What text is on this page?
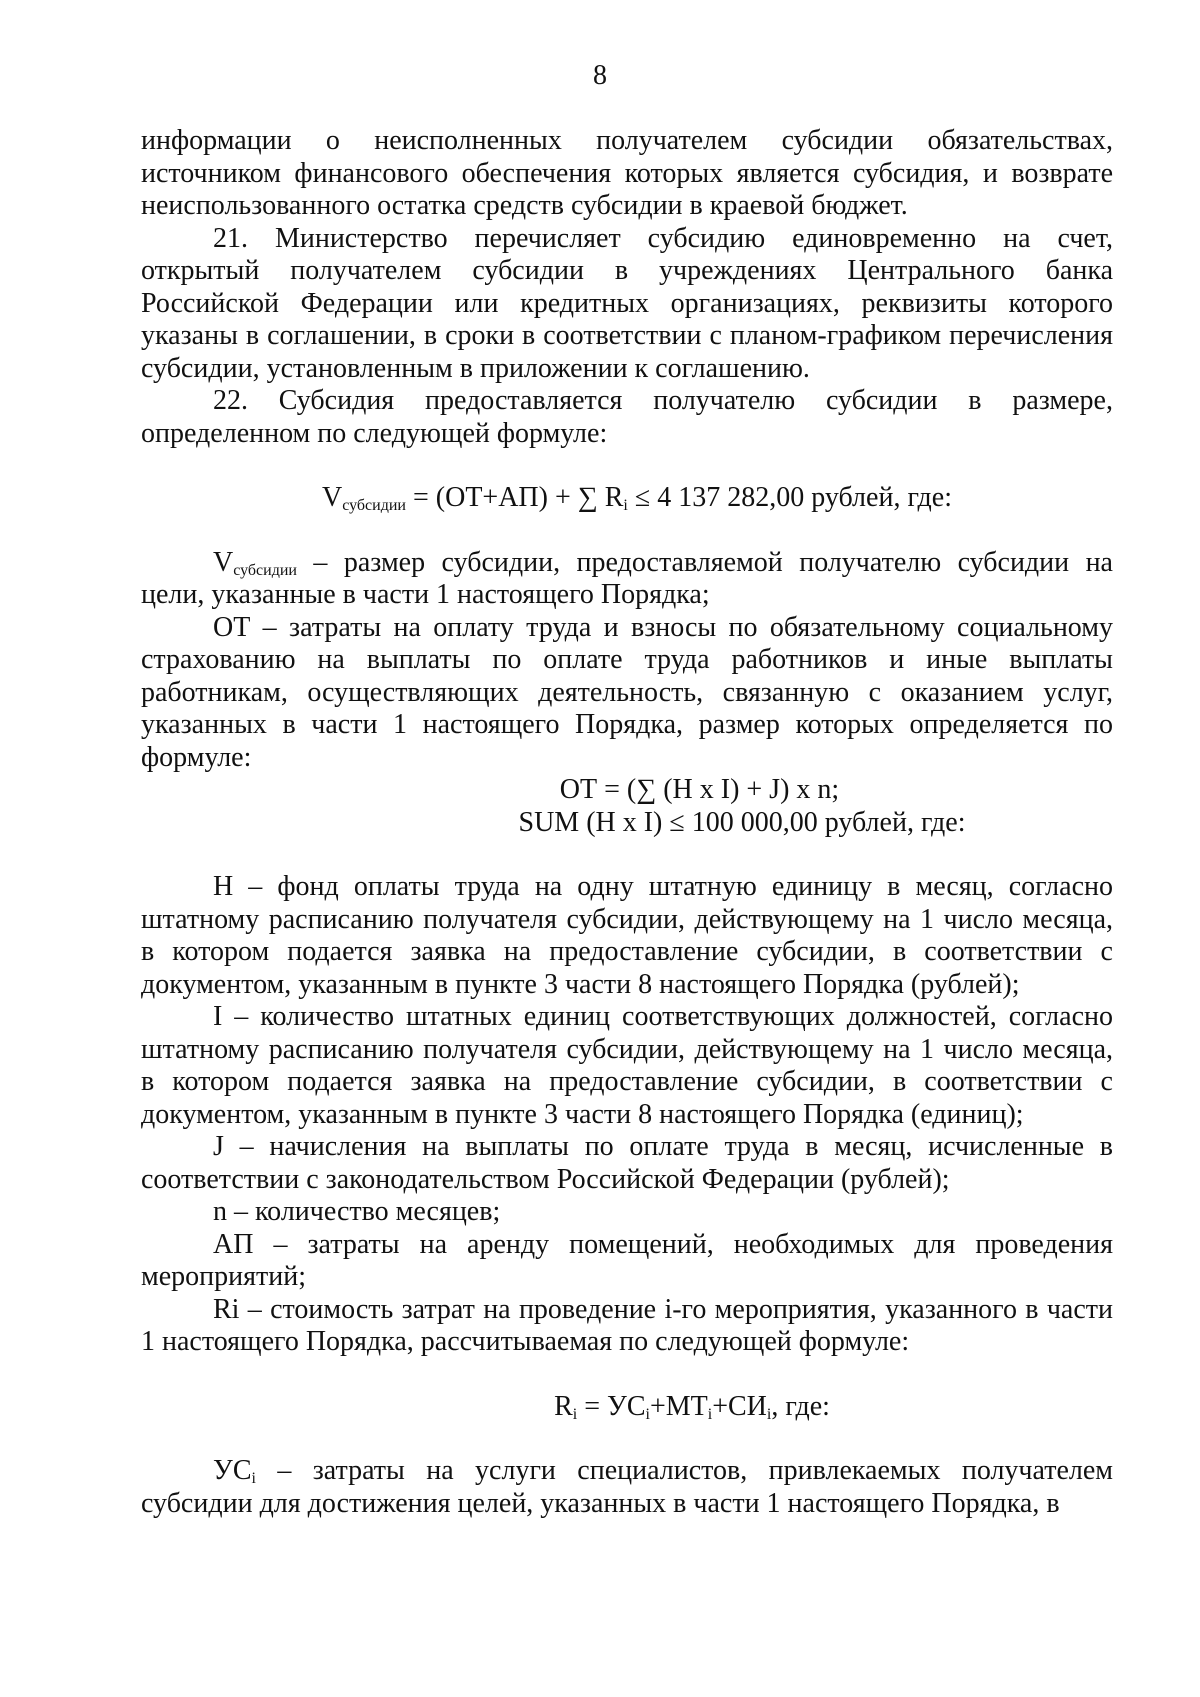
8

информации о неисполненных получателем субсидии обязательствах, источником финансового обеспечения которых является субсидия, и возврате неиспользованного остатка средств субсидии в краевой бюджет.

21. Министерство перечисляет субсидию единовременно на счет, открытый получателем субсидии в учреждениях Центрального банка Российской Федерации или кредитных организациях, реквизиты которого указаны в соглашении, в сроки в соответствии с планом-графиком перечисления субсидии, установленным в приложении к соглашению.

22. Субсидия предоставляется получателю субсидии в размере, определенном по следующей формуле:

$V_{субсидии} = (ОТ+АП)$ + ∑ $R_i \le 4$ 137 282,00 рублей, где:

$V_{субсидии}$ – размер субсидии, предоставляемой получателю субсидии на цели, указанные в части 1 настоящего Порядка;

ОТ – затраты на оплату труда и взносы по обязательному социальному страхованию на выплаты по оплате труда работников и иные выплаты работникам, осуществляющих деятельность, связанную с оказанием услуг, указанных в части 1 настоящего Порядка, размер которых определяется по формуле:

ОТ = (∑ (Н x I) + J) x n;

SUM (Н x I) ≤ 100 000,00 рублей, где:

Н – фонд оплаты труда на одну штатную единицу в месяц, согласно штатному расписанию получателя субсидии, действующему на 1 число месяца, в котором подается заявка на предоставление субсидии, в соответствии с документом, указанным в пункте 3 части 8 настоящего Порядка (рублей);

I – количество штатных единиц соответствующих должностей, согласно штатному расписанию получателя субсидии, действующему на 1 число месяца, в котором подается заявка на предоставление субсидии, в соответствии с документом, указанным в пункте 3 части 8 настоящего Порядка (единиц);

J – начисления на выплаты по оплате труда в месяц, исчисленные в соответствии с законодательством Российской Федерации (рублей);

n – количество месяцев;

АП – затраты на аренду помещений, необходимых для проведения мероприятий;

Ri – стоимость затрат на проведение i-го мероприятия, указанного в части 1 настоящего Порядка, рассчитываемая по следующей формуле:

$R_i = УС_i+МТ_i+СИ_i$, где:

$УС_i$ – затраты на услуги специалистов, привлекаемых получателем субсидии для достижения целей, указанных в части 1 настоящего Порядка, в
